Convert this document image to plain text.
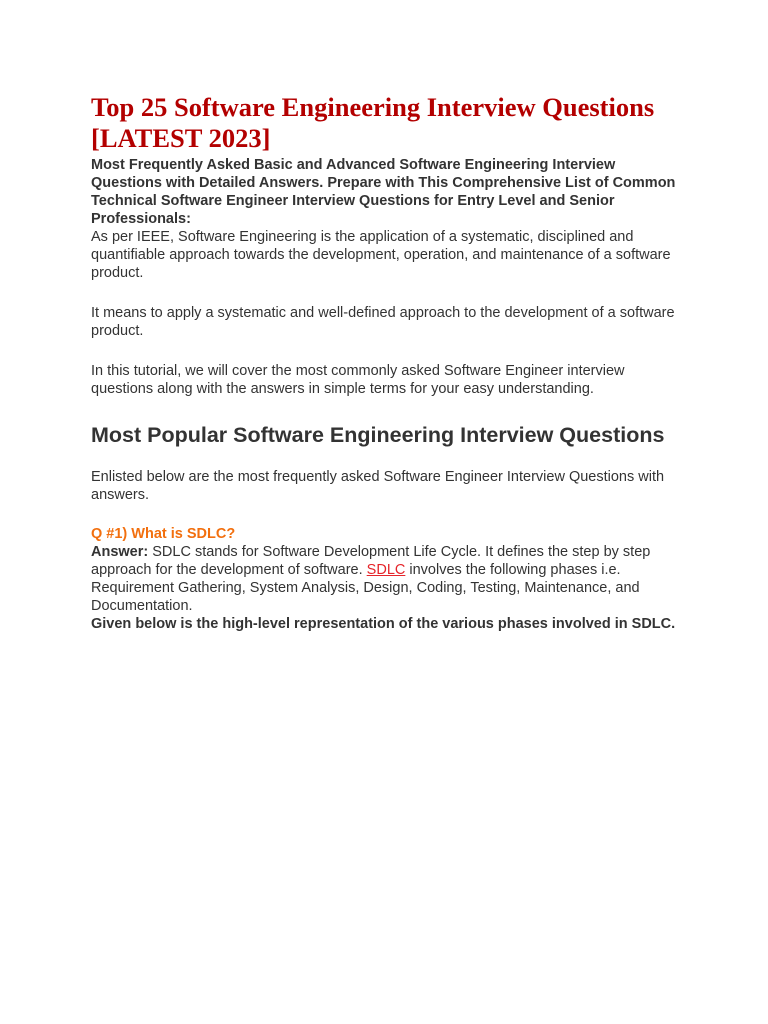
Top 25 Software Engineering Interview Questions [LATEST 2023]

Most Frequently Asked Basic and Advanced Software Engineering Interview Questions with Detailed Answers. Prepare with This Comprehensive List of Common Technical Software Engineer Interview Questions for Entry Level and Senior Professionals:

As per IEEE, Software Engineering is the application of a systematic, disciplined and quantifiable approach towards the development, operation, and maintenance of a software product.

It means to apply a systematic and well-defined approach to the development of a software product.

In this tutorial, we will cover the most commonly asked Software Engineer interview questions along with the answers in simple terms for your easy understanding.

Most Popular Software Engineering Interview Questions

Enlisted below are the most frequently asked Software Engineer Interview Questions with answers.

Q #1) What is SDLC?

Answer: SDLC stands for Software Development Life Cycle. It defines the step by step approach for the development of software. SDLC involves the following phases i.e. Requirement Gathering, System Analysis, Design, Coding, Testing, Maintenance, and Documentation.

Given below is the high-level representation of the various phases involved in SDLC.
